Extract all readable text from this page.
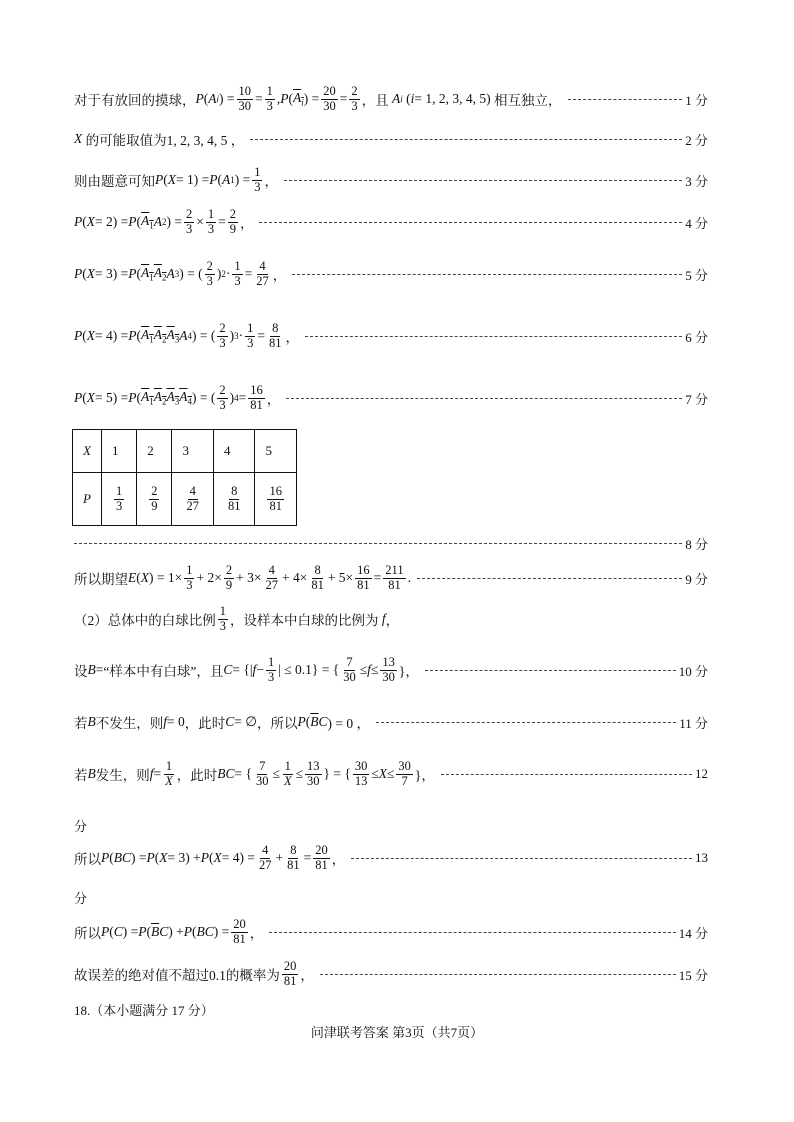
对于有放回的摸球， P ( A i ) = $\frac{10}{30} = \frac{1}{3}$ , P ( $A_i$ ) = $\frac{20}{30} = \frac{2}{3}$ ，且
A i ( i = 1, 2, 3, 4, 5) 相互独立，	1 分
X
的可能取值为1, 2, 3, 4, 5 ，	2 分
则由题意可知 P ( X = 1) = P ( A 1 ) = $\frac{1}{3}$ ，	3 分
P ( X = 2) = P ( $A_1$ A 2 ) = $\frac{2}{3} \times \frac{1}{3} = \frac{2}{9}$ ，	4 分
P ( X = 3) = P ( $A_1$ $A_2$ A 3 ) = ( $\frac{2}{3}$ ) $2 \cdot \frac{1}{3} = \frac{4}{27}$ ，	5 分
P ( X = 4) = P ( $A_1A_2A_3$ A 4 ) = ( $\frac{2}{3}$ ) $3 \cdot \frac{1}{3} = \frac{8}{81}$ ，	6 分
P ( X = 5) = P ( $A_1A_2A_3A_4$ ) = ( $\frac{2}{3}$ ) $4 = \frac{16}{81}$ ，	7 分
X	1	2	3	4	5
P	$\frac{1}{3}$	$\frac{2}{9}$	$\frac{4}{27}$	$\frac{8}{81}$	$\frac{16}{81}$
8 分
所以期望 E ( X ) = $1\times \frac{1}{3} + 2\times \frac{2}{9} + 3\times \frac{4}{27} + 4\times \frac{8}{81} + 5\times \frac{16}{81} = \frac{211}{81}$ .	9 分
（2）总体中的白球比例 $\frac{1}{3}$ ，设样本中白球的比例为
f ，
设 B = “样本中有白球” ，且 C = {| $f - \frac{1}{3}$ | ≤ 0.1} = { $\frac{7}{30} \le f \le \frac{13}{30}$ }，	10 分
若 B 不发生，则 f = 0 ，此时 C = ∅ ，所以 P ( $\overline{B}$ C ) = 0 ，	11 分
若 B 发生，则 $f = \frac{1}{X}$ ，此时 BC = { $\frac{7}{30} \le \frac{1}{X} \le \frac{13}{30}$ } = { $\frac{30}{13} \le X \le \frac{30}{7}$ }，	12
分
所以 P ( BC ) = P ( X = 3) + P ( $X = 4) = \frac{4}{27} + \frac{8}{81} = \frac{20}{81}$ ，	13
分
所以 P ( C ) = P ( $\overline{B}$ C ) + P ( BC ) = $\frac{20}{81}$ ，	14 分
故误差的绝对值不超过0.1的概率为 $\frac{20}{81}$ ，	15 分
18.（本小题满分 17 分）
问津联考答案 第3页（共7页）
